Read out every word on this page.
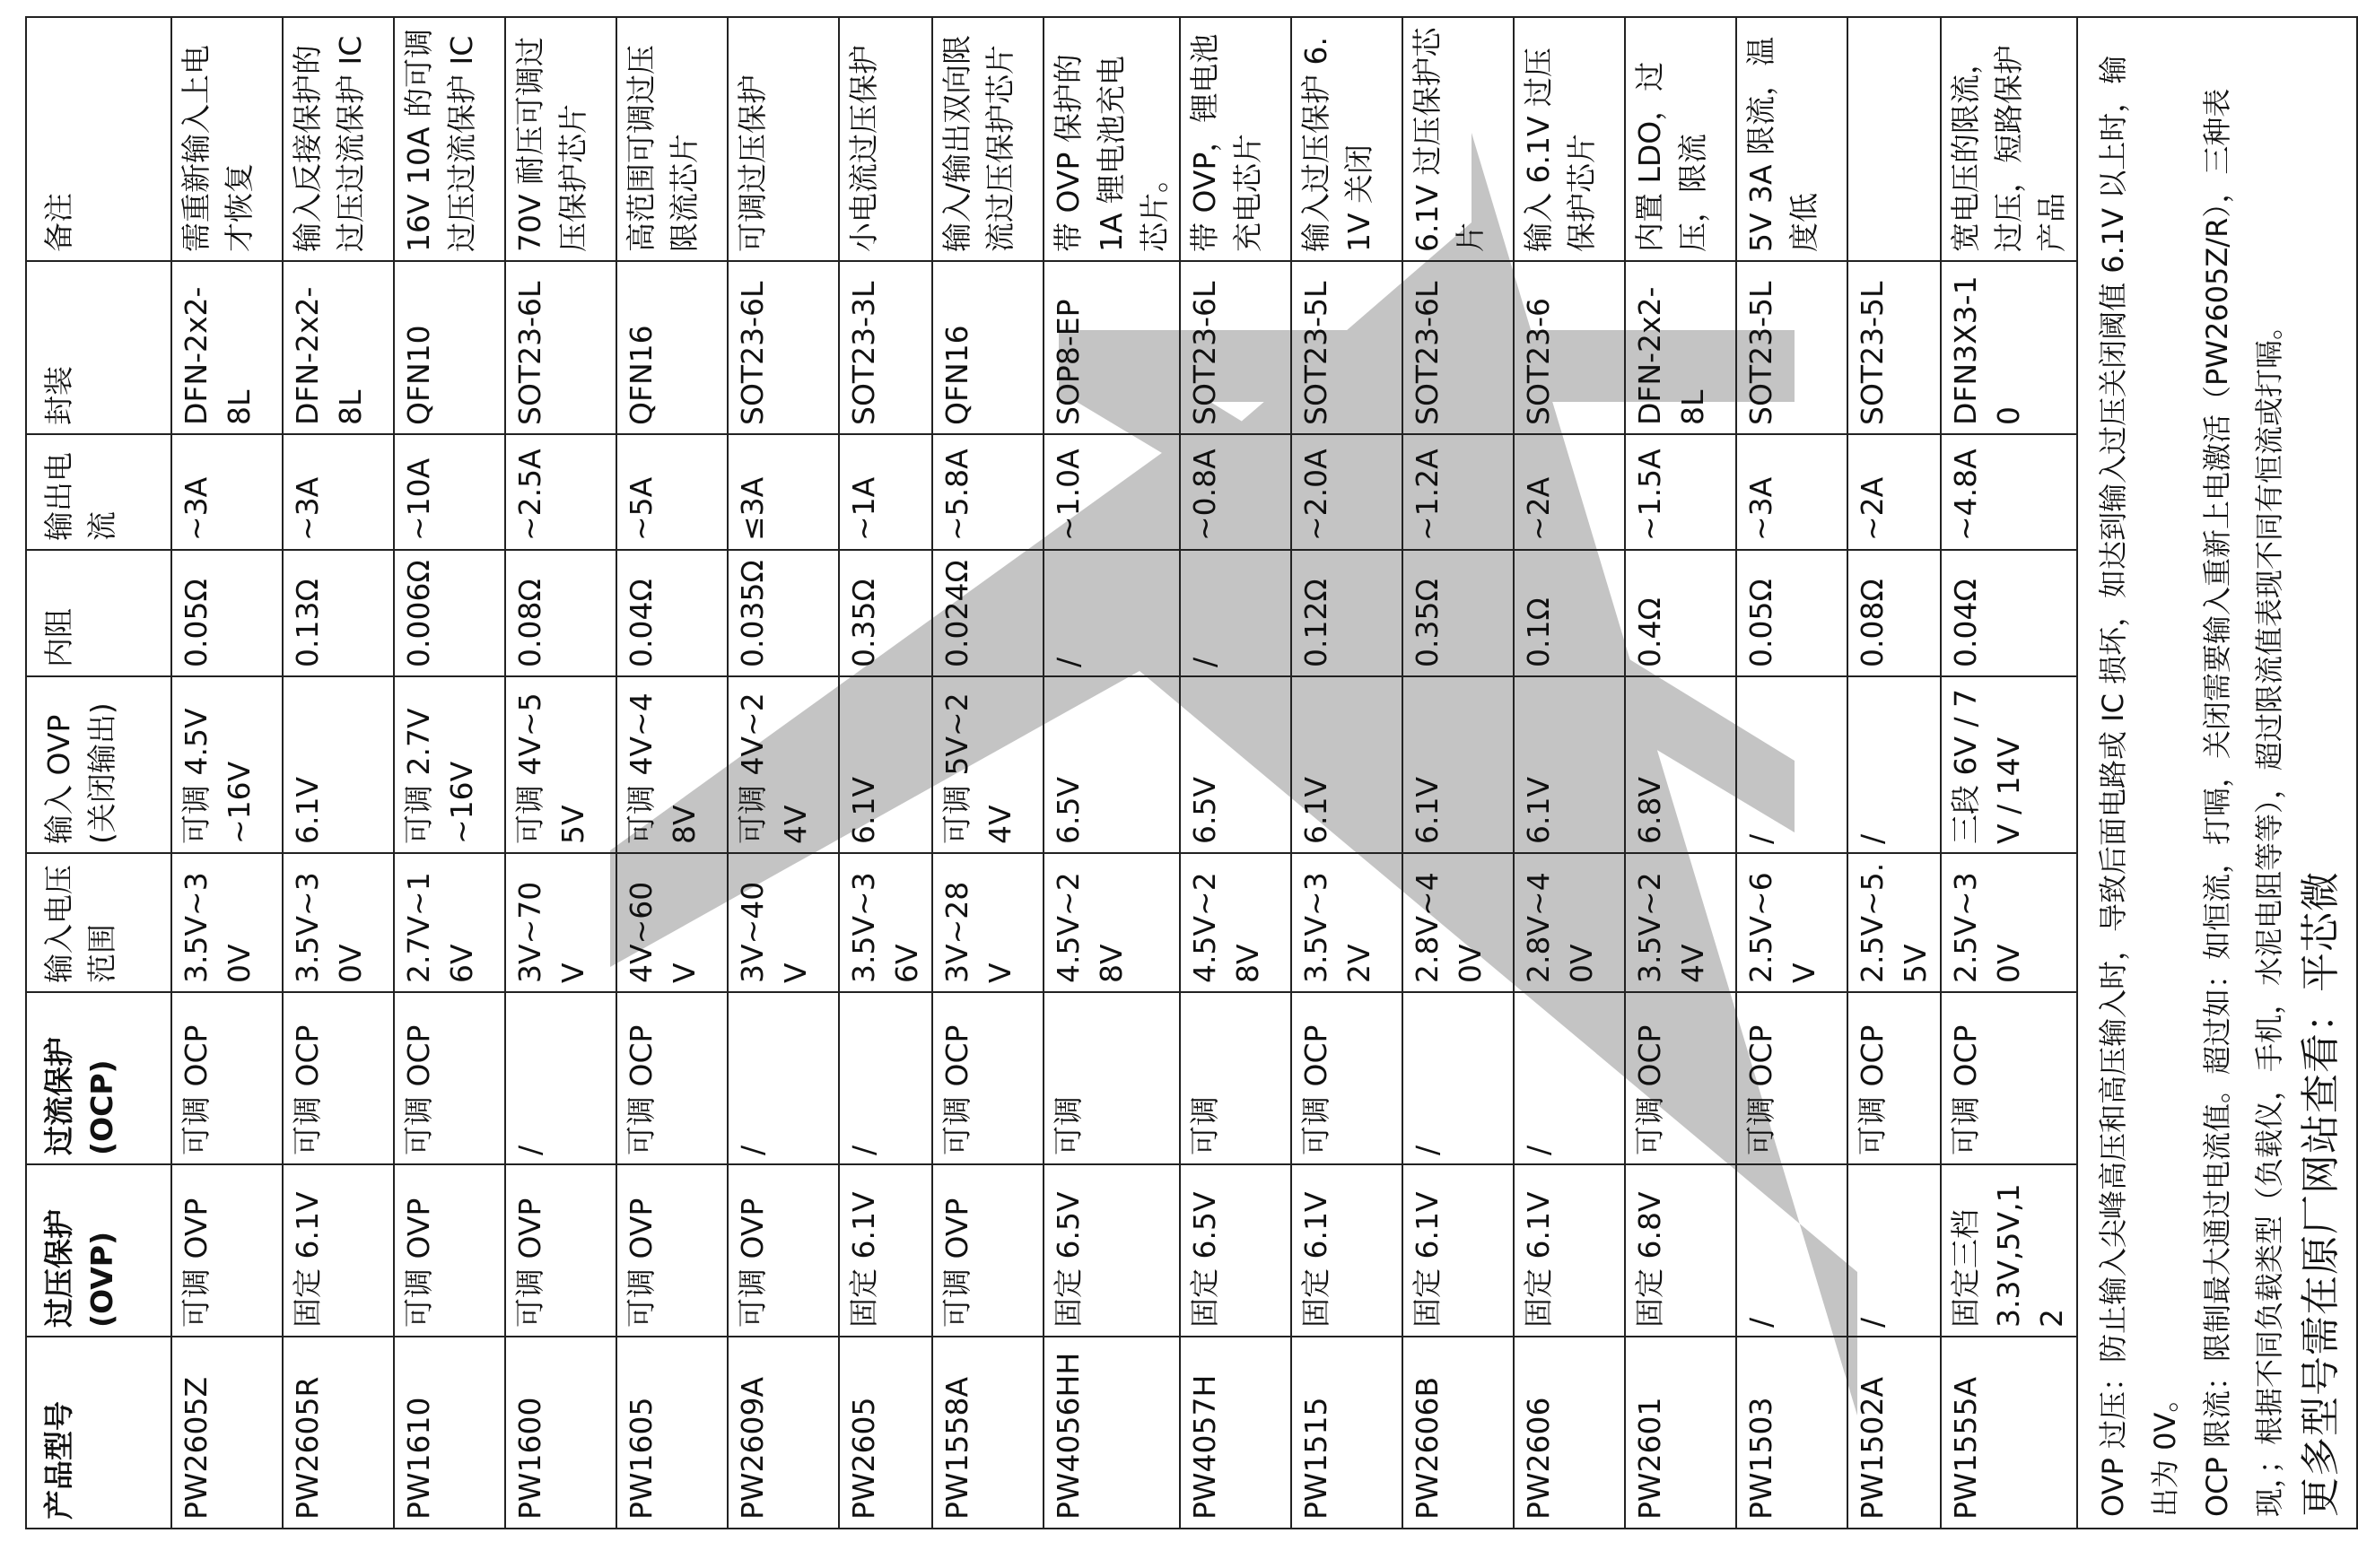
产品型号	过压保护(OVP)	过流保护(OCP)	输入电压范围	输入 OVP(关闭输出)	内阻	输出电流	封装	备注
PW2605Z	可调 OVP	可调 OCP	3.5V~30V	可调 4.5V~16V	0.05Ω	~3A	DFN-2x2-8L	需重新输入上电才恢复
PW2605R	固定 6.1V	可调 OCP	3.5V~30V	6.1V	0.13Ω	~3A	DFN-2x2-8L	输入反接保护的过压过流保护 IC
PW1610	可调 OVP	可调 OCP	2.7V~16V	可调 2.7V~16V	0.006Ω	~10A	QFN10	16V 10A 的可调过压过流保护 IC
PW1600	可调 OVP	/	3V~70V	可调 4V~55V	0.08Ω	~2.5A	SOT23-6L	70V 耐压可调过压保护芯片
PW1605	可调 OVP	可调 OCP	4V~60V	可调 4V~48V	0.04Ω	~5A	QFN16	高范围可调过压限流芯片
PW2609A	可调 OVP	/	3V~40V	可调 4V~24V	0.035Ω	≤3A	SOT23-6L	可调过压保护
PW2605	固定 6.1V	/	3.5V~36V	6.1V	0.35Ω	~1A	SOT23-3L	小电流过压保护
PW1558A	可调 OVP	可调 OCP	3V~28V	可调 5V~24V	0.024Ω	~5.8A	QFN16	输入/输出双向限流过压保护芯片
PW4056HH	固定 6.5V	可调	4.5V~28V	6.5V	/	~1.0A	SOP8-EP	带 OVP 保护的 1A 锂电池充电芯片。
PW4057H	固定 6.5V	可调	4.5V~28V	6.5V	/	~0.8A	SOT23-6L	带 OVP，锂电池充电芯片
PW1515	固定 6.1V	可调 OCP	3.5V~32V	6.1V	0.12Ω	~2.0A	SOT23-5L	输入过压保护 6.1V 关闭
PW2606B	固定 6.1V	/	2.8V~40V	6.1V	0.35Ω	~1.2A	SOT23-6L	6.1V 过压保护芯片
PW2606	固定 6.1V	/	2.8V~40V	6.1V	0.1Ω	~2A	SOT23-6	输入 6.1V 过压保护芯片
PW2601	固定 6.8V	可调 OCP	3.5V~24V	6.8V	0.4Ω	~1.5A	DFN-2x2-8L	内置 LDO，过压，限流
PW1503	/	可调 OCP	2.5V~6V	/	0.05Ω	~3A	SOT23-5L	5V 3A 限流，温度低
PW1502A	/	可调 OCP	2.5V~5.5V	/	0.08Ω	~2A	SOT23-5L	
PW1555A	固定三档 3.3V,5V,12	可调 OCP	2.5V~30V	三段 6V / 7V / 14V	0.04Ω	~4.8A	DFN3X3-10	宽电压的限流，过压，短路保护产品

OVP 过压：防止输入尖峰高压和高压输入时，导致后面电路或 IC 损坏，如达到输入过压关闭阈值 6.1V 以上时，输出为 0V。 OCP 限流：限制最大通过电流值。超过如：如恒流，打嗝，关闭需要输入重新上电激活（PW2605Z/R），三种表现，；根据不同负载类型（负载仪，手机，水泥电阻等等），超过限流值表现不同有恒流或打嗝。 更多型号需在原厂网站查看：平芯微								
